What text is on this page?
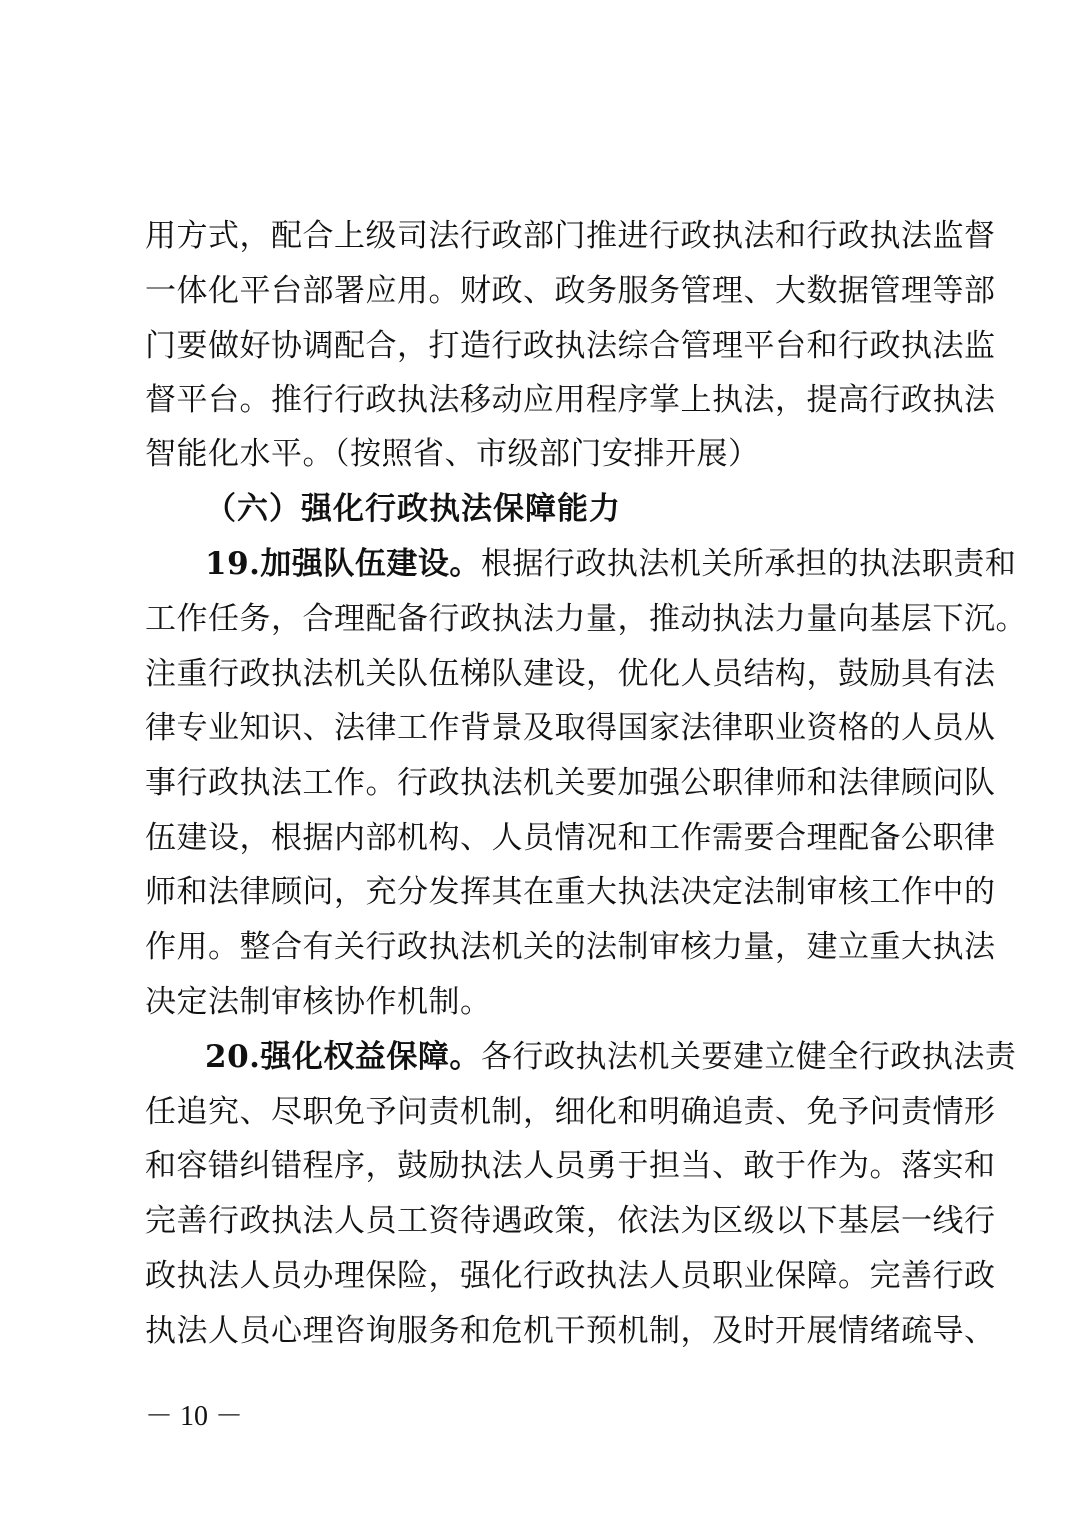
用方式，配合上级司法行政部门推进行政执法和行政执法监督
一体化平台部署应用。财政、政务服务管理、大数据管理等部
门要做好协调配合，打造行政执法综合管理平台和行政执法监
督平台。推行行政执法移动应用程序掌上执法，提高行政执法
智能化水平。（按照省、市级部门安排开展）
（六）强化行政执法保障能力
19.加强队伍建设。根据行政执法机关所承担的执法职责和
工作任务，合理配备行政执法力量，推动执法力量向基层下沉。
注重行政执法机关队伍梯队建设，优化人员结构，鼓励具有法
律专业知识、法律工作背景及取得国家法律职业资格的人员从
事行政执法工作。行政执法机关要加强公职律师和法律顾问队
伍建设，根据内部机构、人员情况和工作需要合理配备公职律
师和法律顾问，充分发挥其在重大执法决定法制审核工作中的
作用。整合有关行政执法机关的法制审核力量，建立重大执法
决定法制审核协作机制。
20.强化权益保障。各行政执法机关要建立健全行政执法责
任追究、尽职免予问责机制，细化和明确追责、免予问责情形
和容错纠错程序，鼓励执法人员勇于担当、敢于作为。落实和
完善行政执法人员工资待遇政策，依法为区级以下基层一线行
政执法人员办理保险，强化行政执法人员职业保障。完善行政
执法人员心理咨询服务和危机干预机制，及时开展情绪疏导、
－ 10 －
